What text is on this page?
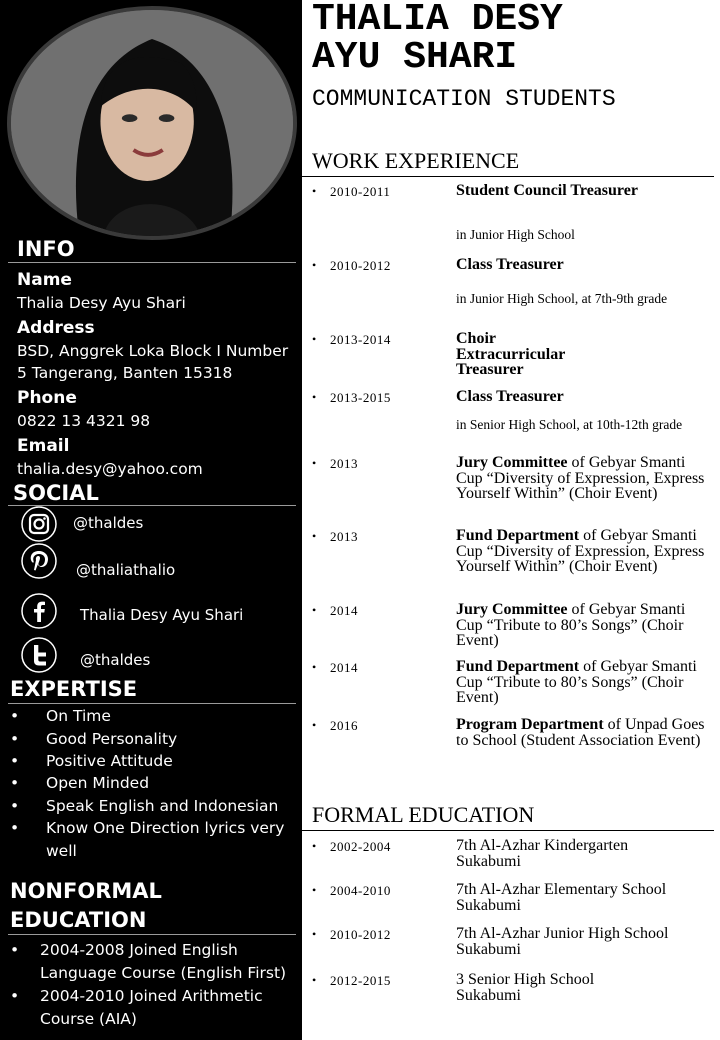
INFO
Name
Thalia Desy Ayu Shari
Address
BSD, Anggrek Loka Block I Number
5 Tangerang, Banten 15318
Phone
0822 13 4321 98
Email
thalia.desy@yahoo.com
SOCIAL
@thaldes
@thaliathalio
Thalia Desy Ayu Shari
@thaldes
EXPERTISE
• On Time
• Good Personality
• Positive Attitude
• Open Minded
• Speak English and Indonesian
• Know One Direction lyrics very well
NONFORMAL
EDUCATION
• 2004-2008 Joined English Language Course (English First)
• 2004-2010 Joined Arithmetic Course (AIA)
THALIA DESY
AYU SHARI
COMMUNICATION STUDENTS
WORK EXPERIENCE
• 2010-2011	Student Council Treasurer
in Junior High School
• 2010-2012	Class Treasurer
in Junior High School, at 7th-9th grade
• 2013-2014	Choir Extracurricular Treasurer
• 2013-2015	Class Treasurer
in Senior High School, at 10th-12th grade
• 2013	Jury Committee of Gebyar Smanti Cup “Diversity of Expression, Express Yourself Within” (Choir Event)
• 2013	Fund Department of Gebyar Smanti Cup “Diversity of Expression, Express Yourself Within” (Choir Event)
• 2014	Jury Committee of Gebyar Smanti Cup “Tribute to 80’s Songs” (Choir Event)
• 2014	Fund Department of Gebyar Smanti Cup “Tribute to 80’s Songs” (Choir Event)
• 2016	Program Department of Unpad Goes to School (Student Association Event)
FORMAL EDUCATION
• 2002-2004	7th Al-Azhar Kindergarten Sukabumi
• 2004-2010	7th Al-Azhar Elementary School Sukabumi
• 2010-2012	7th Al-Azhar Junior High School Sukabumi
• 2012-2015	3 Senior High School Sukabumi
